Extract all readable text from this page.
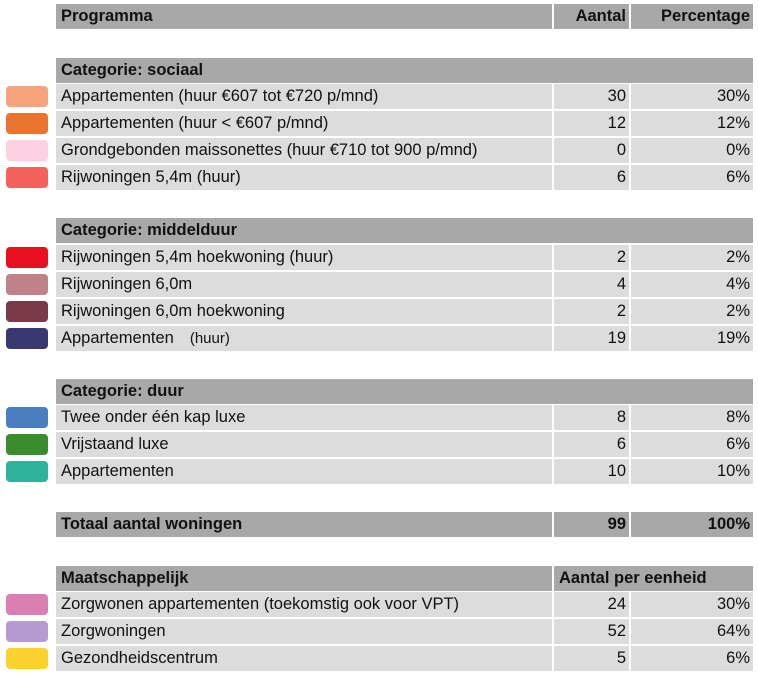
Programma	Aantal	Percentage
Categorie: sociaal
Appartementen (huur €607 tot €720 p/mnd)	30	30%
Appartementen (huur < €607 p/mnd)	12	12%
Grondgebonden maissonettes (huur €710 tot 900 p/mnd)	0	0%
Rijwoningen 5,4m (huur)	6	6%
Categorie: middelduur
Rijwoningen 5,4m hoekwoning (huur)	2	2%
Rijwoningen 6,0m	4	4%
Rijwoningen 6,0m hoekwoning	2	2%
Appartementen (huur)	19	19%
Categorie: duur
Twee onder één kap luxe	8	8%
Vrijstaand luxe	6	6%
Appartementen	10	10%
Totaal aantal woningen	99	100%
Maatschappelijk	Aantal per eenheid
Zorgwonen appartementen (toekomstig ook voor VPT)	24	30%
Zorgwoningen	52	64%
Gezondheidscentrum	5	6%
